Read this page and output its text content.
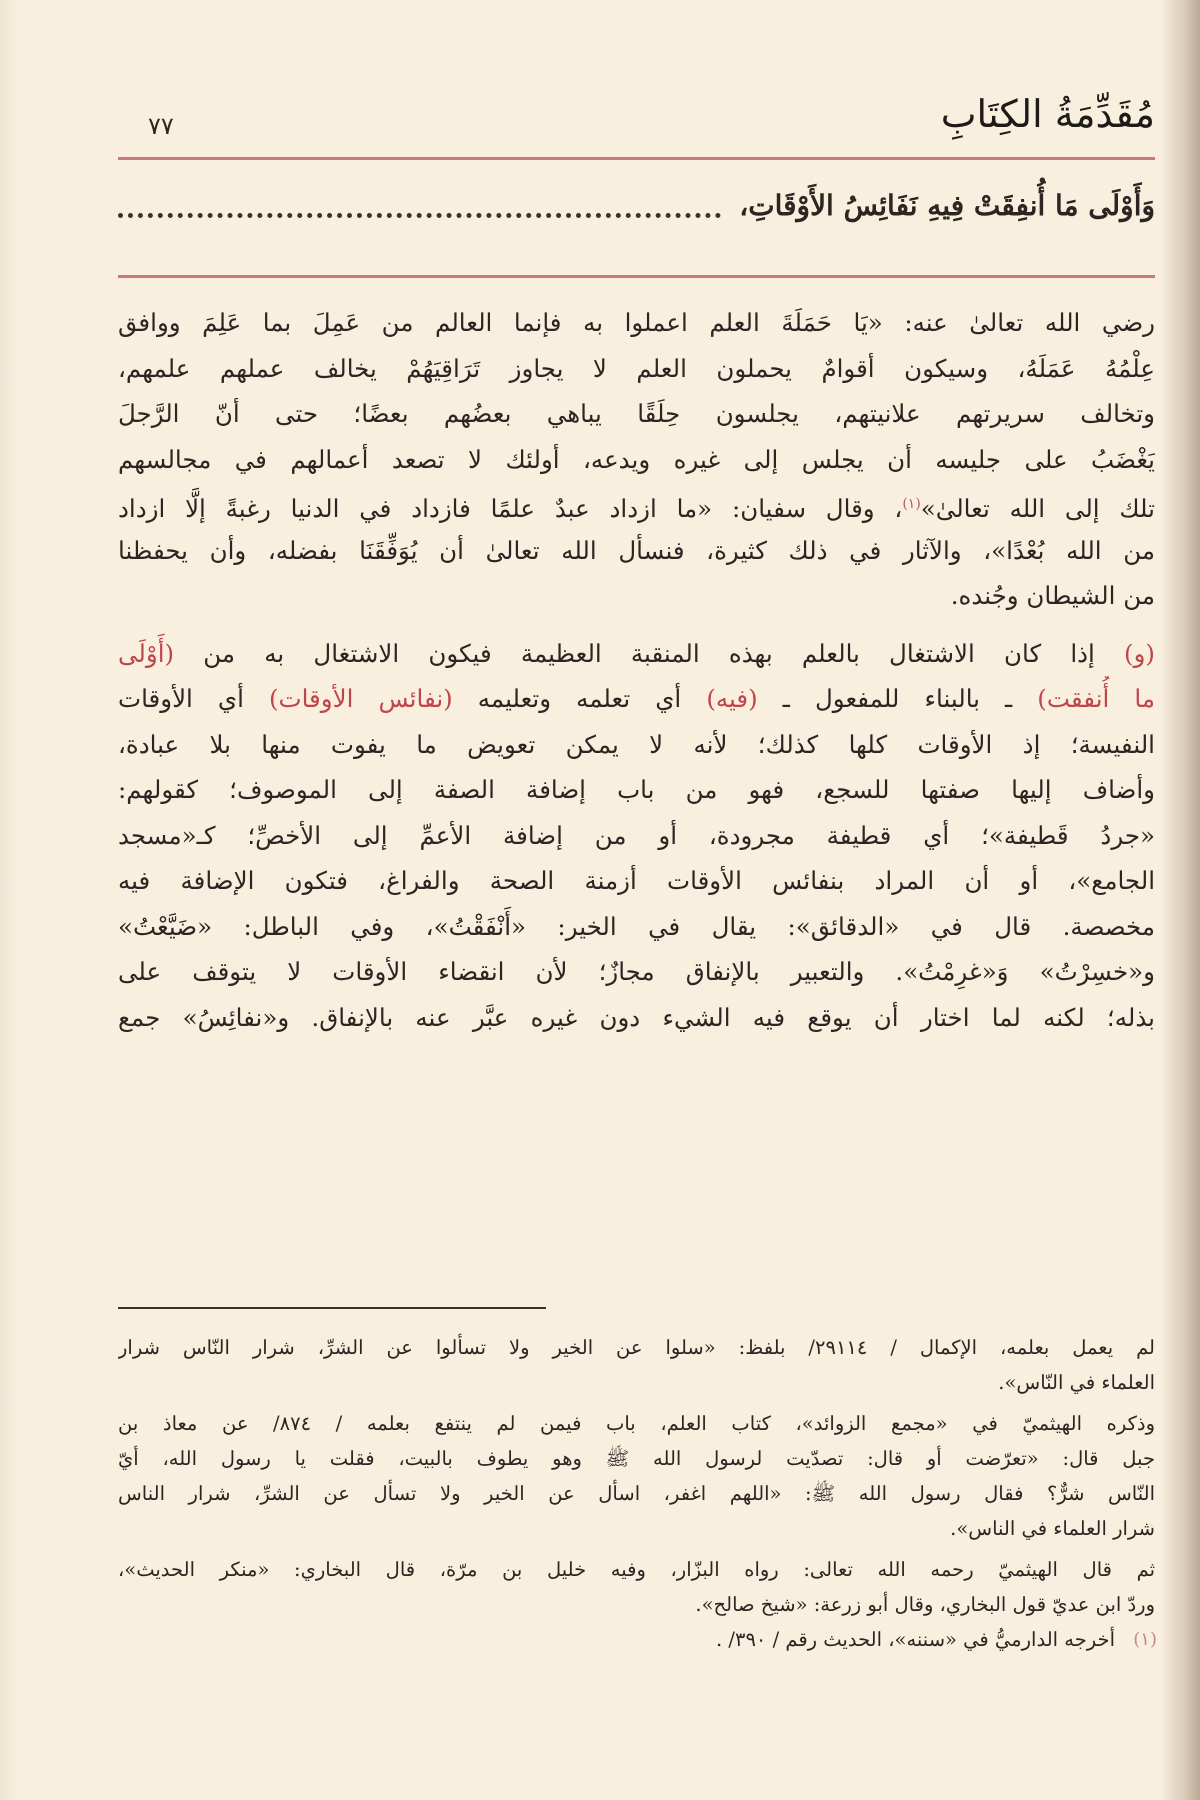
مُقَدِّمَةُ الكِتَابِ
٧٧
وَأَوْلَى مَا أُنفِقَتْ فِيهِ نَفَائِسُ الأَوْقَاتِ،
رضي الله تعالىٰ عنه: «يَا حَمَلَةَ العلم اعملوا به فإنما العالم من عَمِلَ بما عَلِمَ ووافق
عِلْمُهُ عَمَلَهُ، وسيكون أقوامٌ يحملون العلم لا يجاوز تَرَاقِيَهُمْ يخالف عملهم علمهم،
وتخالف سريرتهم علانيتهم، يجلسون حِلَقًا يباهي بعضُهم بعضًا؛ حتى أنّ الرَّجلَ
يَغْضَبُ على جليسه أن يجلس إلى غيره ويدعه، أولئك لا تصعد أعمالهم في مجالسهم
تلك إلى الله تعالىٰ»$^{(١)}$، وقال سفيان: «ما ازداد عبدٌ علمًا فازداد في الدنيا رغبةً إلَّا ازداد
من الله بُعْدًا»، والآثار في ذلك كثيرة، فنسأل الله تعالىٰ أن يُوَفِّقَنَا بفضله، وأن يحفظنا
من الشيطان وجُنده.
(و) إذا كان الاشتغال بالعلم بهذه المنقبة العظيمة فيكون الاشتغال به من (أَوْلَى
ما أُنفقت) ـ بالبناء للمفعول ـ (فيه) أي تعلمه وتعليمه (نفائس الأوقات) أي الأوقات
النفيسة؛ إذ الأوقات كلها كذلك؛ لأنه لا يمكن تعويض ما يفوت منها بلا عبادة،
وأضاف إليها صفتها للسجع، فهو من باب إضافة الصفة إلى الموصوف؛ كقولهم:
«جردُ قَطيفة»؛ أي قطيفة مجرودة، أو من إضافة الأعمِّ إلى الأخصِّ؛ كـ«مسجد
الجامع»، أو أن المراد بنفائس الأوقات أزمنة الصحة والفراغ، فتكون الإضافة فيه
مخصصة. قال في «الدقائق»: يقال في الخير: «أَنْفَقْتُ»، وفي الباطل: «ضَيَّعْتُ»
و«خسِرْتُ» وَ«غرِمْتُ». والتعبير بالإنفاق مجازٌ؛ لأن انقضاء الأوقات لا يتوقف على
بذله؛ لكنه لما اختار أن يوقع فيه الشيء دون غيره عبَّر عنه بالإنفاق. و«نفائِسُ» جمع
لم يعمل بعلمه، الإكمال / ٢٩١١٤/ بلفظ: «سلوا عن الخير ولا تسألوا عن الشرِّ، شرار النّاس شرار
العلماء في النّاس».
وذكره الهيثميّ في «مجمع الزوائد»، كتاب العلم، باب فيمن لم ينتفع بعلمه / ٨٧٤/ عن معاذ بن
جبل قال: «تعرّضت أو قال: تصدّيت لرسول الله ﷺ وهو يطوف بالبيت، فقلت يا رسول الله، أيّ
النّاس شرٌّ؟ فقال رسول الله ﷺ: «اللهم اغفر، اسأل عن الخير ولا تسأل عن الشرِّ، شرار الناس
شرار العلماء في الناس».
ثم قال الهيثميّ رحمه الله تعالى: رواه البزّار، وفيه خليل بن مرّة، قال البخاري: «منكر الحديث»،
وردّ ابن عديّ قول البخاري، وقال أبو زرعة: «شيخ صالح».
(١)
أخرجه الدارميُّ في «سننه»، الحديث رقم / ٣٩٠/ .
